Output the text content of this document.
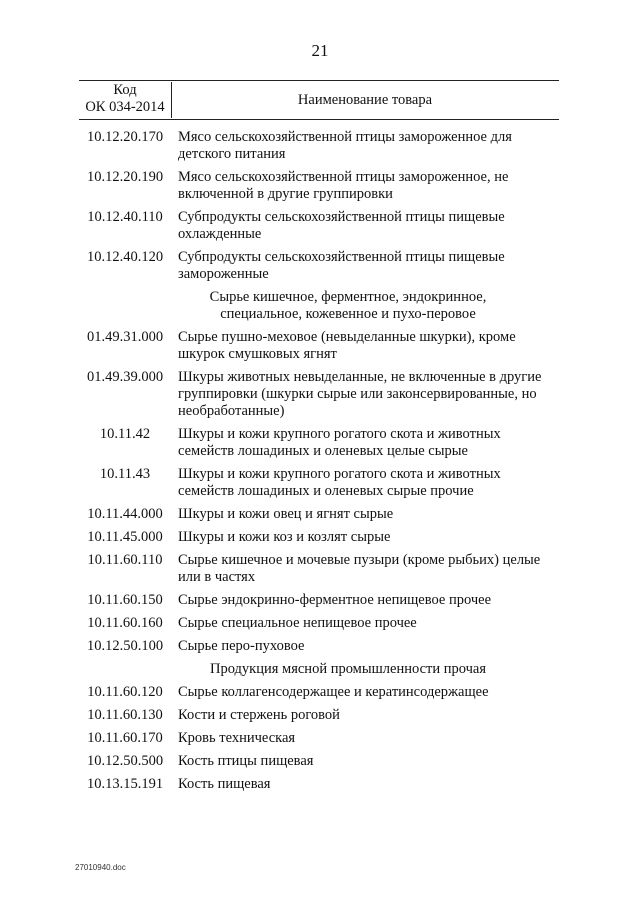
21
Код
ОК 034-2014	Наименование товара
10.12.20.170	Мясо сельскохозяйственной птицы замороженное для детского питания
10.12.20.190	Мясо сельскохозяйственной птицы замороженное, не включенной в другие группировки
10.12.40.110	Субпродукты сельскохозяйственной птицы пищевые охлажденные
10.12.40.120	Субпродукты сельскохозяйственной птицы пищевые замороженные
Сырье кишечное, ферментное, эндокринное, специальное, кожевенное и пухо-перовое
01.49.31.000	Сырье пушно-меховое (невыделанные шкурки), кроме шкурок смушковых ягнят
01.49.39.000	Шкуры животных невыделанные, не включенные в другие группировки (шкурки сырые или законсервированные, но необработанные)
10.11.42	Шкуры и кожи крупного рогатого скота и животных семейств лошадиных и оленевых целые сырые
10.11.43	Шкуры и кожи крупного рогатого скота и животных семейств лошадиных и оленевых сырые прочие
10.11.44.000	Шкуры и кожи овец и ягнят сырые
10.11.45.000	Шкуры и кожи коз и козлят сырые
10.11.60.110	Сырье кишечное и мочевые пузыри (кроме рыбьих) целые или в частях
10.11.60.150	Сырье эндокринно-ферментное непищевое прочее
10.11.60.160	Сырье специальное непищевое прочее
10.12.50.100	Сырье перо-пуховое
Продукция мясной промышленности прочая
10.11.60.120	Сырье коллагенсодержащее и кератинсодержащее
10.11.60.130	Кости и стержень роговой
10.11.60.170	Кровь техническая
10.12.50.500	Кость птицы пищевая
10.13.15.191	Кость пищевая
27010940.doc
